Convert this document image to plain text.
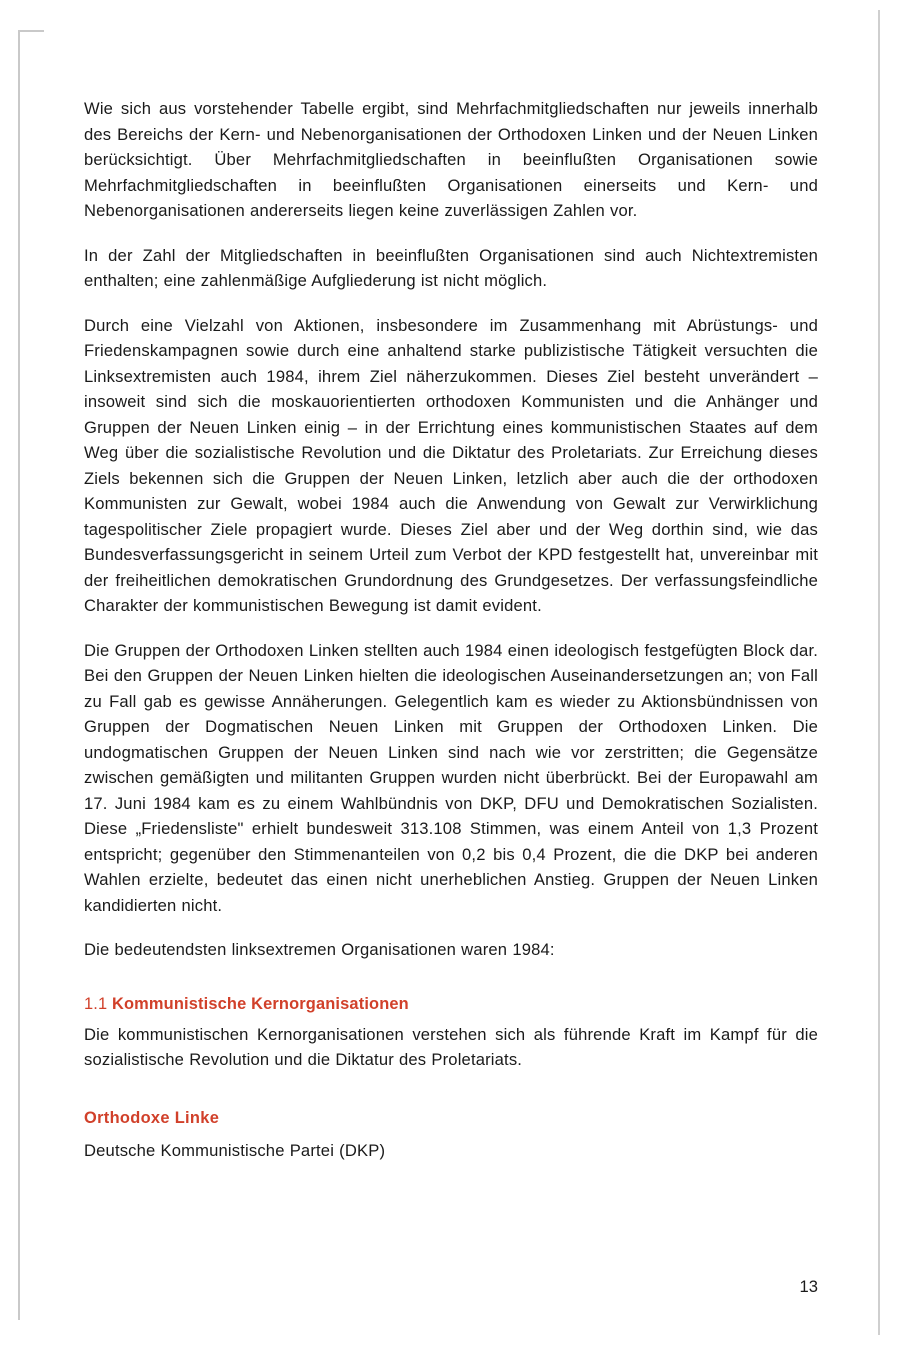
Wie sich aus vorstehender Tabelle ergibt, sind Mehrfachmitgliedschaften nur jeweils innerhalb des Bereichs der Kern- und Nebenorganisationen der Orthodoxen Linken und der Neuen Linken berücksichtigt. Über Mehrfachmitgliedschaften in beeinflußten Organisationen sowie Mehrfachmitgliedschaften in beeinflußten Organisationen einerseits und Kern- und Nebenorganisationen andererseits liegen keine zuverlässigen Zahlen vor.

In der Zahl der Mitgliedschaften in beeinflußten Organisationen sind auch Nichtextremisten enthalten; eine zahlenmäßige Aufgliederung ist nicht möglich.

Durch eine Vielzahl von Aktionen, insbesondere im Zusammenhang mit Abrüstungs- und Friedenskampagnen sowie durch eine anhaltend starke publizistische Tätigkeit versuchten die Linksextremisten auch 1984, ihrem Ziel näherzukommen. Dieses Ziel besteht unverändert – insoweit sind sich die moskauorientierten orthodoxen Kommunisten und die Anhänger und Gruppen der Neuen Linken einig – in der Errichtung eines kommunistischen Staates auf dem Weg über die sozialistische Revolution und die Diktatur des Proletariats. Zur Erreichung dieses Ziels bekennen sich die Gruppen der Neuen Linken, letzlich aber auch die der orthodoxen Kommunisten zur Gewalt, wobei 1984 auch die Anwendung von Gewalt zur Verwirklichung tagespolitischer Ziele propagiert wurde. Dieses Ziel aber und der Weg dorthin sind, wie das Bundesverfassungsgericht in seinem Urteil zum Verbot der KPD festgestellt hat, unvereinbar mit der freiheitlichen demokratischen Grundordnung des Grundgesetzes. Der verfassungsfeindliche Charakter der kommunistischen Bewegung ist damit evident.

Die Gruppen der Orthodoxen Linken stellten auch 1984 einen ideologisch festgefügten Block dar. Bei den Gruppen der Neuen Linken hielten die ideologischen Auseinandersetzungen an; von Fall zu Fall gab es gewisse Annäherungen. Gelegentlich kam es wieder zu Aktionsbündnissen von Gruppen der Dogmatischen Neuen Linken mit Gruppen der Orthodoxen Linken. Die undogmatischen Gruppen der Neuen Linken sind nach wie vor zerstritten; die Gegensätze zwischen gemäßigten und militanten Gruppen wurden nicht überbrückt. Bei der Europawahl am 17. Juni 1984 kam es zu einem Wahlbündnis von DKP, DFU und Demokratischen Sozialisten. Diese „Friedensliste" erhielt bundesweit 313.108 Stimmen, was einem Anteil von 1,3 Prozent entspricht; gegenüber den Stimmenanteilen von 0,2 bis 0,4 Prozent, die die DKP bei anderen Wahlen erzielte, bedeutet das einen nicht unerheblichen Anstieg. Gruppen der Neuen Linken kandidierten nicht.

Die bedeutendsten linksextremen Organisationen waren 1984:

1.1 Kommunistische Kernorganisationen

Die kommunistischen Kernorganisationen verstehen sich als führende Kraft im Kampf für die sozialistische Revolution und die Diktatur des Proletariats.

Orthodoxe Linke

Deutsche Kommunistische Partei (DKP)

13
